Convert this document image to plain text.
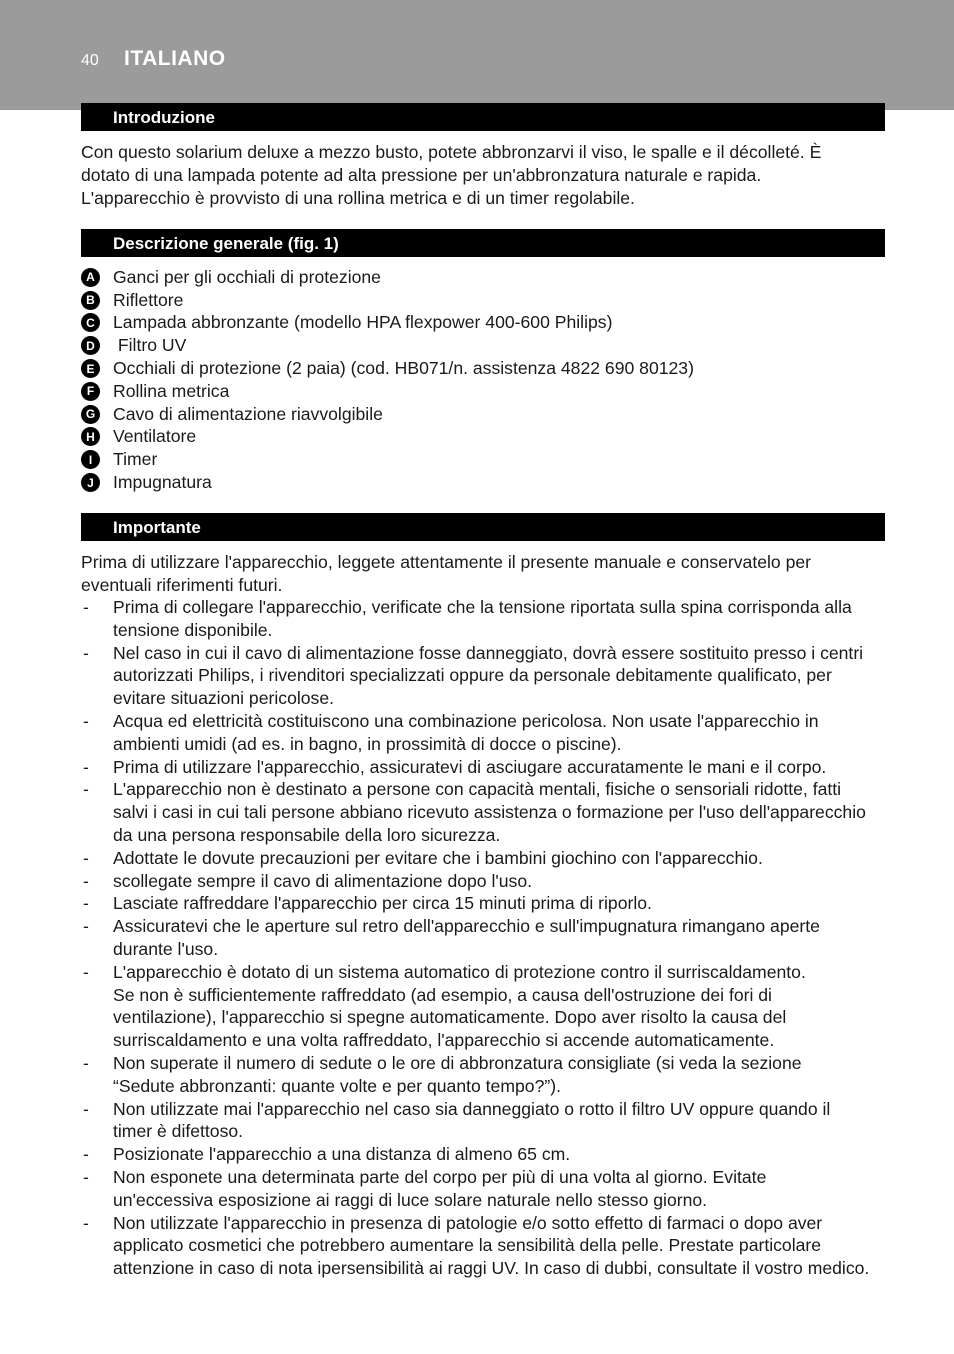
40 ITALIANO
Introduzione
Con questo solarium deluxe a mezzo busto, potete abbronzarvi il viso, le spalle e il décolleté. È
dotato di una lampada potente ad alta pressione per un'abbronzatura naturale e rapida.
L'apparecchio è provvisto di una rollina metrica e di un timer regolabile.
Descrizione generale (fig. 1)
A Ganci per gli occhiali di protezione
B Riflettore
C Lampada abbronzante (modello HPA flexpower 400-600 Philips)
D Filtro UV
E	Occhiali di protezione (2 paia) (cod. HB071/n. assistenza 4822 690 80123)
F	Rollina metrica
G Cavo di alimentazione riavvolgibile
H Ventilatore
I	Timer
J	Impugnatura
Importante
Prima di utilizzare l'apparecchio, leggete attentamente il presente manuale e conservatelo per
eventuali riferimenti futuri.
-	Prima di collegare l'apparecchio, verificate che la tensione riportata sulla spina corrisponda alla
tensione disponibile.
-	Nel caso in cui il cavo di alimentazione fosse danneggiato, dovrà essere sostituito presso i centri
autorizzati Philips, i rivenditori specializzati oppure da personale debitamente qualificato, per
evitare situazioni pericolose.
-	Acqua ed elettricità costituiscono una combinazione pericolosa. Non usate l'apparecchio in
ambienti umidi (ad es. in bagno, in prossimità di docce o piscine).
-	Prima di utilizzare l'apparecchio, assicuratevi di asciugare accuratamente le mani e il corpo.
-	L'apparecchio non è destinato a persone con capacità mentali, fisiche o sensoriali ridotte, fatti
salvi i casi in cui tali persone abbiano ricevuto assistenza o formazione per l'uso dell'apparecchio
da una persona responsabile della loro sicurezza.
-	Adottate le dovute precauzioni per evitare che i bambini giochino con l'apparecchio.
-	scollegate sempre il cavo di alimentazione dopo l'uso.
-	Lasciate raffreddare l'apparecchio per circa 15 minuti prima di riporlo.
-	Assicuratevi che le aperture sul retro dell'apparecchio e sull'impugnatura rimangano aperte
durante l'uso.
-	L'apparecchio è dotato di un sistema automatico di protezione contro il surriscaldamento.
Se non è sufficientemente raffreddato (ad esempio, a causa dell'ostruzione dei fori di
ventilazione), l'apparecchio si spegne automaticamente. Dopo aver risolto la causa del
surriscaldamento e una volta raffreddato, l'apparecchio si accende automaticamente.
-	Non superate il numero di sedute o le ore di abbronzatura consigliate (si veda la sezione
“Sedute abbronzanti: quante volte e per quanto tempo?”).
-	Non utilizzate mai l'apparecchio nel caso sia danneggiato o rotto il filtro UV oppure quando il
timer è difettoso.
-	Posizionate l'apparecchio a una distanza di almeno 65 cm.
-	Non esponete una determinata parte del corpo per più di una volta al giorno. Evitate
un'eccessiva esposizione ai raggi di luce solare naturale nello stesso giorno.
-	Non utilizzate l'apparecchio in presenza di patologie e/o sotto effetto di farmaci o dopo aver
applicato cosmetici che potrebbero aumentare la sensibilità della pelle. Prestate particolare
attenzione in caso di nota ipersensibilità ai raggi UV. In caso di dubbi, consultate il vostro medico.
